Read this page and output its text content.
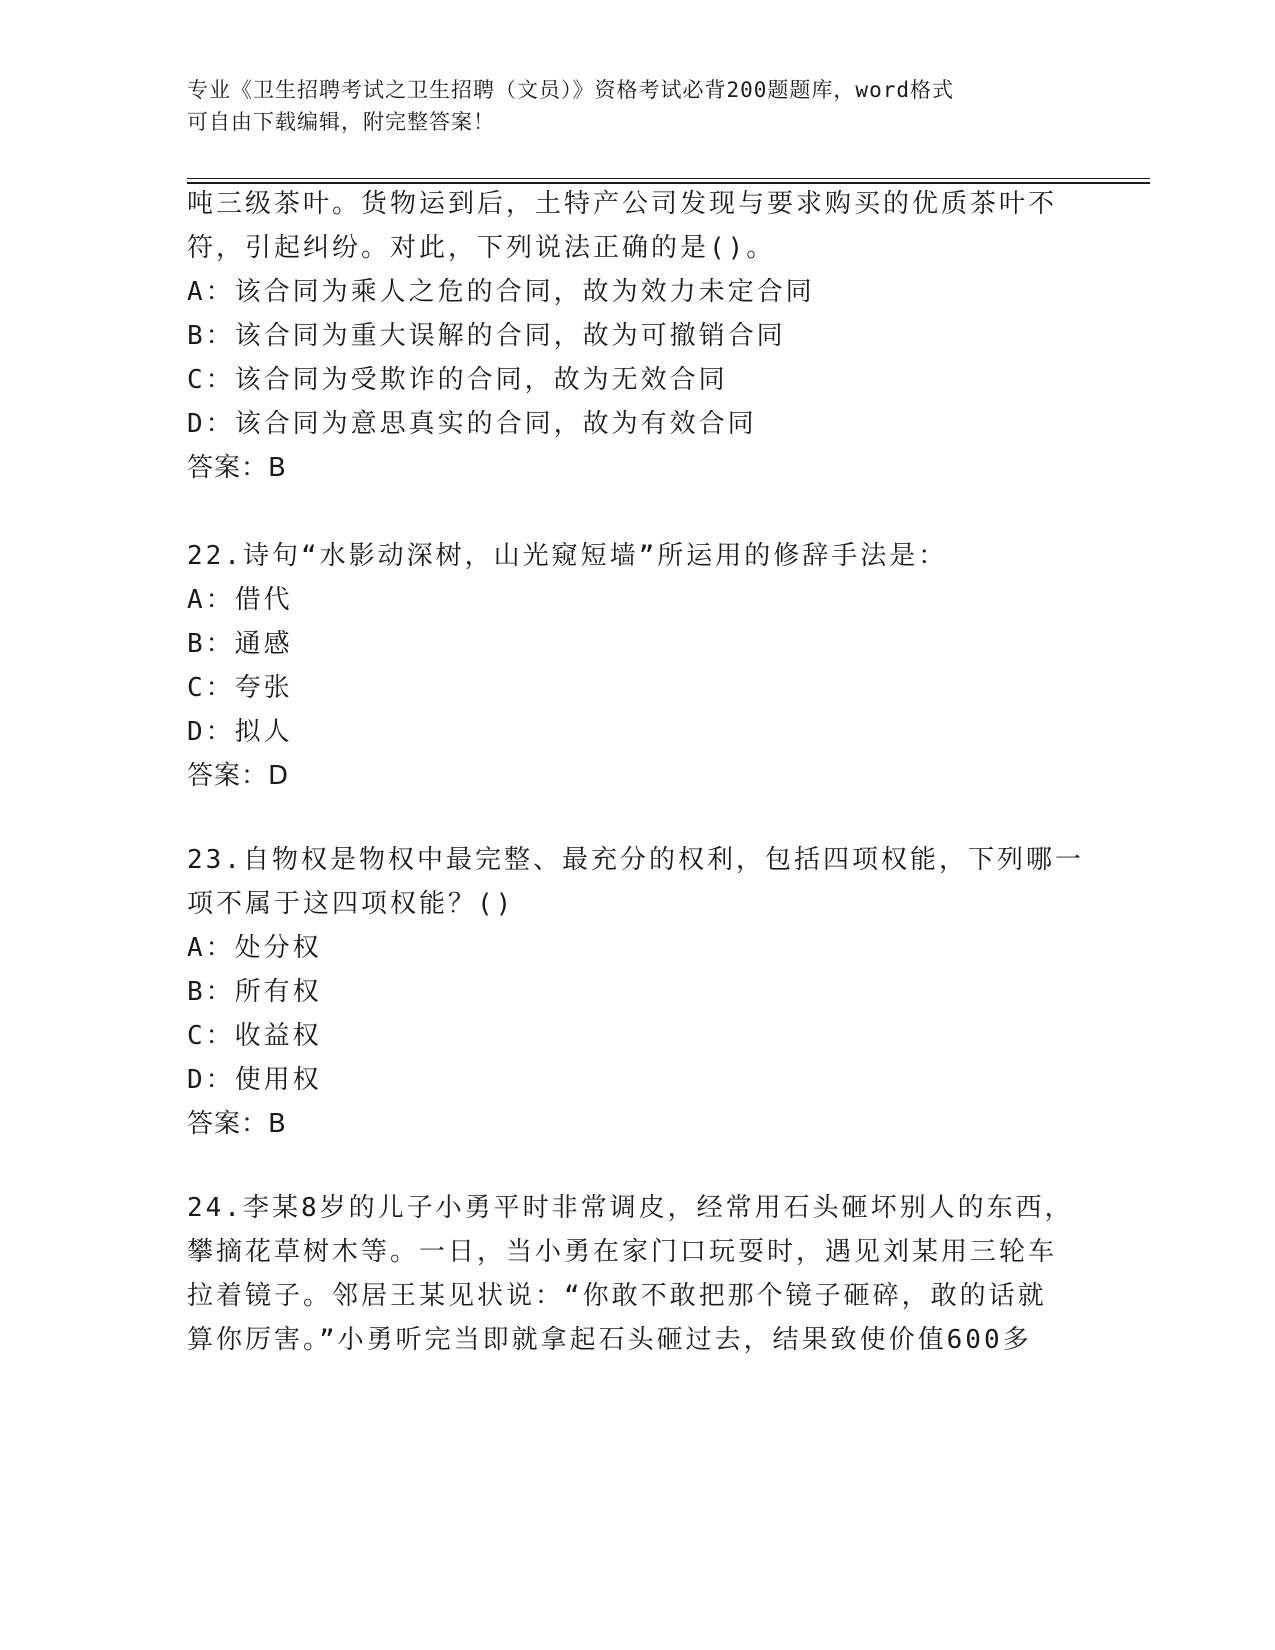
专业《卫生招聘考试之卫生招聘（文员）》资格考试必背200题题库，word格式
可自由下载编辑，附完整答案！
吨三级茶叶。货物运到后，土特产公司发现与要求购买的优质茶叶不
符，引起纠纷。对此，下列说法正确的是()。
A：该合同为乘人之危的合同，故为效力未定合同
B：该合同为重大误解的合同，故为可撤销合同
C：该合同为受欺诈的合同，故为无效合同
D：该合同为意思真实的合同，故为有效合同
答案：B
22.诗句“水影动深树，山光窥短墙”所运用的修辞手法是：
A：借代
B：通感
C：夸张
D：拟人
答案：D
23.自物权是物权中最完整、最充分的权利，包括四项权能，下列哪一
项不属于这四项权能？()
A：处分权
B：所有权
C：收益权
D：使用权
答案：B
24.李某8岁的儿子小勇平时非常调皮，经常用石头砸坏别人的东西，
攀摘花草树木等。一日，当小勇在家门口玩耍时，遇见刘某用三轮车
拉着镜子。邻居王某见状说：“你敢不敢把那个镜子砸碎，敢的话就
算你厉害。”小勇听完当即就拿起石头砸过去，结果致使价值600多
